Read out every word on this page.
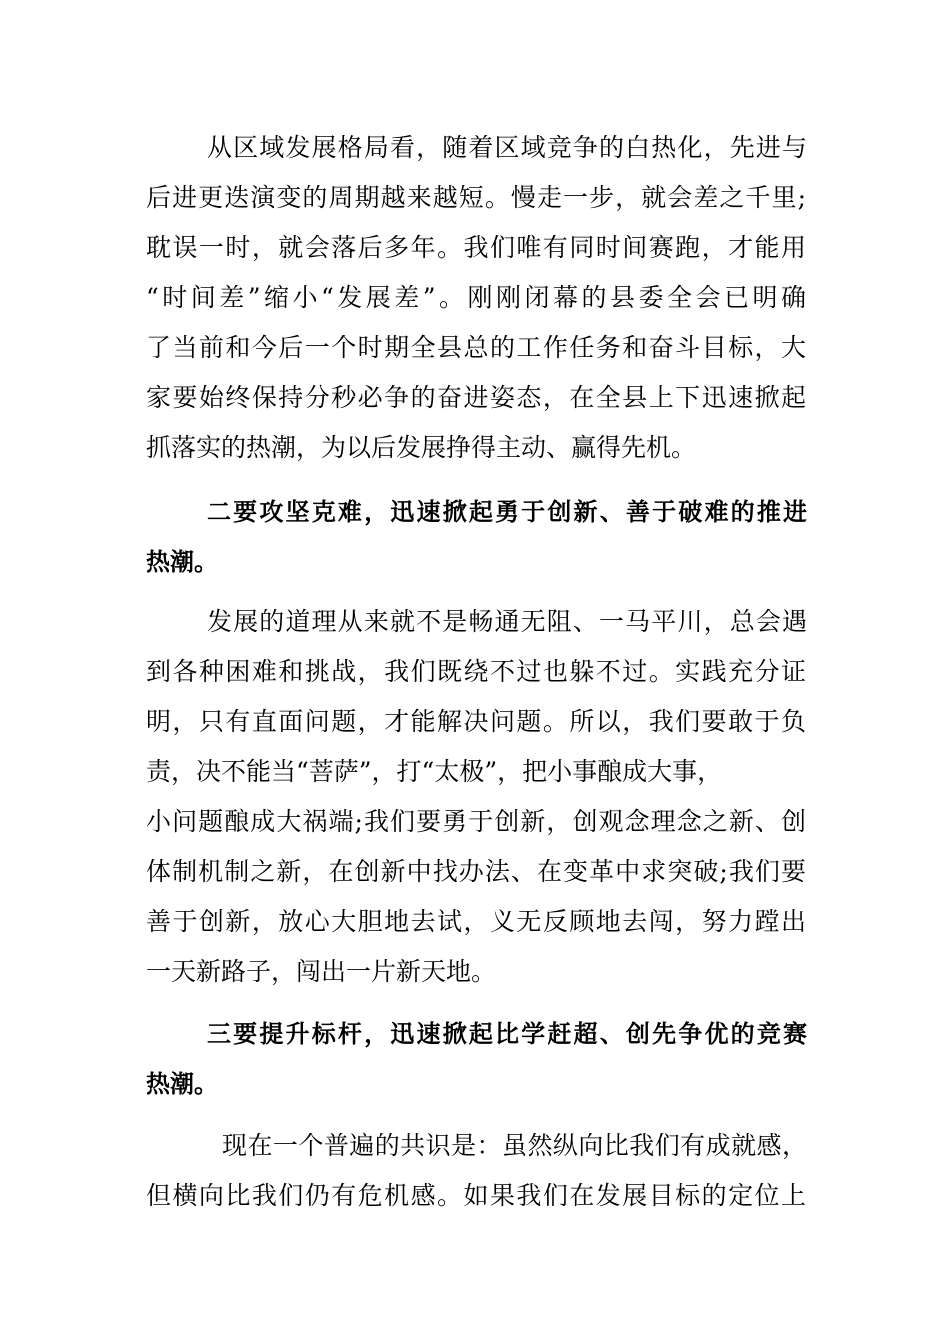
从区域发展格局看，随着区域竞争的白热化，先进与
后进更迭演变的周期越来越短。慢走一步，就会差之千里;
耽误一时，就会落后多年。我们唯有同时间赛跑，才能用
“时间差”缩小“发展差”。刚刚闭幕的县委全会已明确
了当前和今后一个时期全县总的工作任务和奋斗目标，大
家要始终保持分秒必争的奋进姿态，在全县上下迅速掀起
抓落实的热潮，为以后发展挣得主动、赢得先机。
二要攻坚克难，迅速掀起勇于创新、善于破难的推进
热潮。
发展的道理从来就不是畅通无阻、一马平川，总会遇
到各种困难和挑战，我们既绕不过也躲不过。实践充分证
明，只有直面问题，才能解决问题。所以，我们要敢于负
责，决不能当“菩萨”，打“太极”，把小事酿成大事，
小问题酿成大祸端;我们要勇于创新，创观念理念之新、创
体制机制之新，在创新中找办法、在变革中求突破;我们要
善于创新，放心大胆地去试，义无反顾地去闯，努力蹚出
一天新路子，闯出一片新天地。
三要提升标杆，迅速掀起比学赶超、创先争优的竞赛
热潮。
现在一个普遍的共识是：虽然纵向比我们有成就感，
但横向比我们仍有危机感。如果我们在发展目标的定位上
